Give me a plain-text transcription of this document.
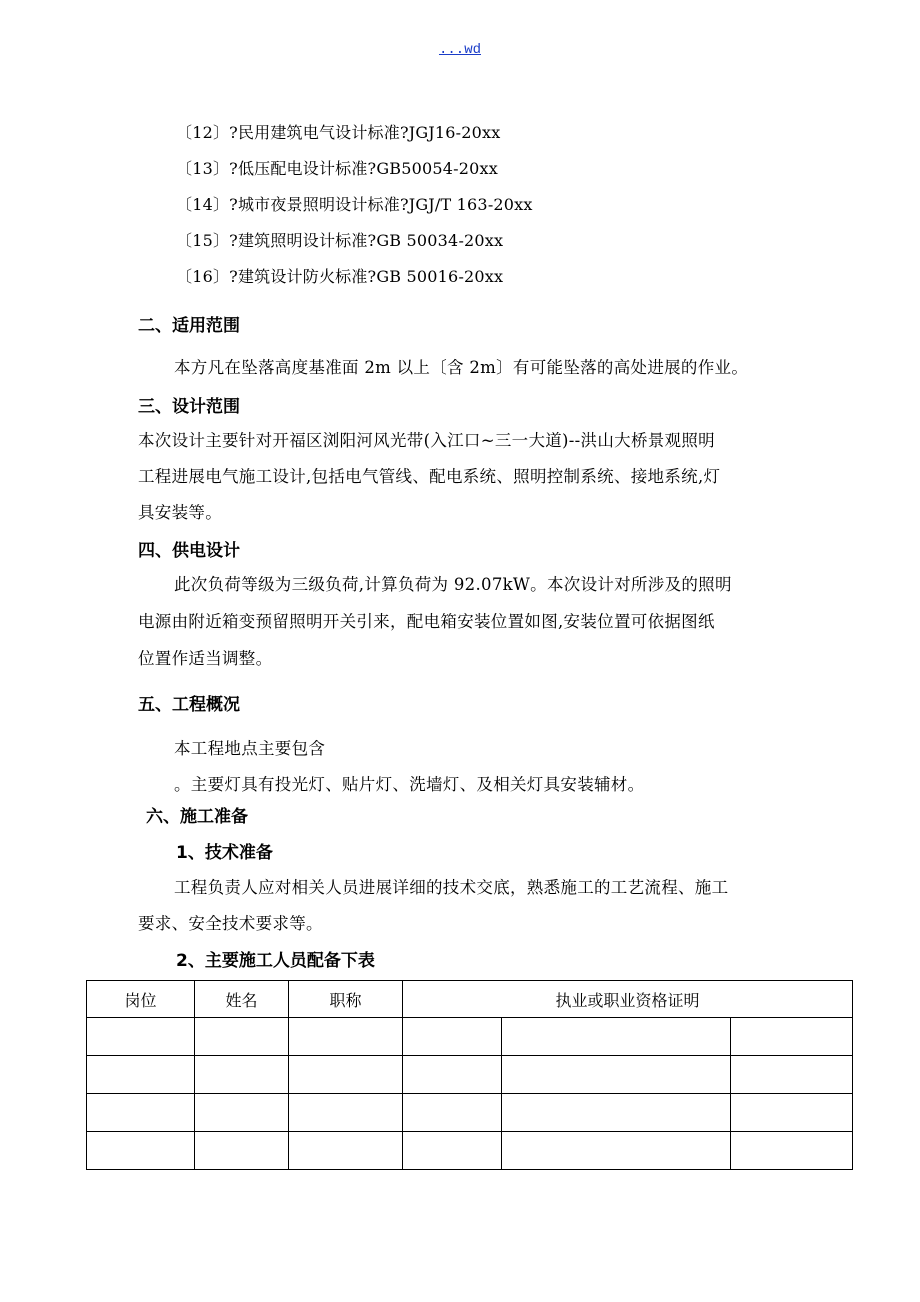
...wd
〔12〕?民用建筑电气设计标准?JGJ16-20xx
〔13〕?低压配电设计标准?GB50054-20xx
〔14〕?城市夜景照明设计标准?JGJ/T 163-20xx
〔15〕?建筑照明设计标准?GB 50034-20xx
〔16〕?建筑设计防火标准?GB 50016-20xx
二、适用范围
本方凡在坠落高度基准面 2m 以上〔含 2m〕有可能坠落的高处进展的作业。
三、设计范围
本次设计主要针对开福区浏阳河风光带(入江口~三一大道)--洪山大桥景观照明
工程进展电气施工设计,包括电气管线、配电系统、照明控制系统、接地系统,灯
具安装等。
四、供电设计
此次负荷等级为三级负荷,计算负荷为 92.07kW。本次设计对所涉及的照明
电源由附近箱变预留照明开关引来，配电箱安装位置如图,安装位置可依据图纸
位置作适当调整。
五、工程概况
本工程地点主要包含
。主要灯具有投光灯、贴片灯、洗墙灯、及相关灯具安装辅材。
六、施工准备
1、技术准备
工程负责人应对相关人员进展详细的技术交底，熟悉施工的工艺流程、施工
要求、安全技术要求等。
2、主要施工人员配备下表
岗位	姓名	职称	执业或职业资格证明		
